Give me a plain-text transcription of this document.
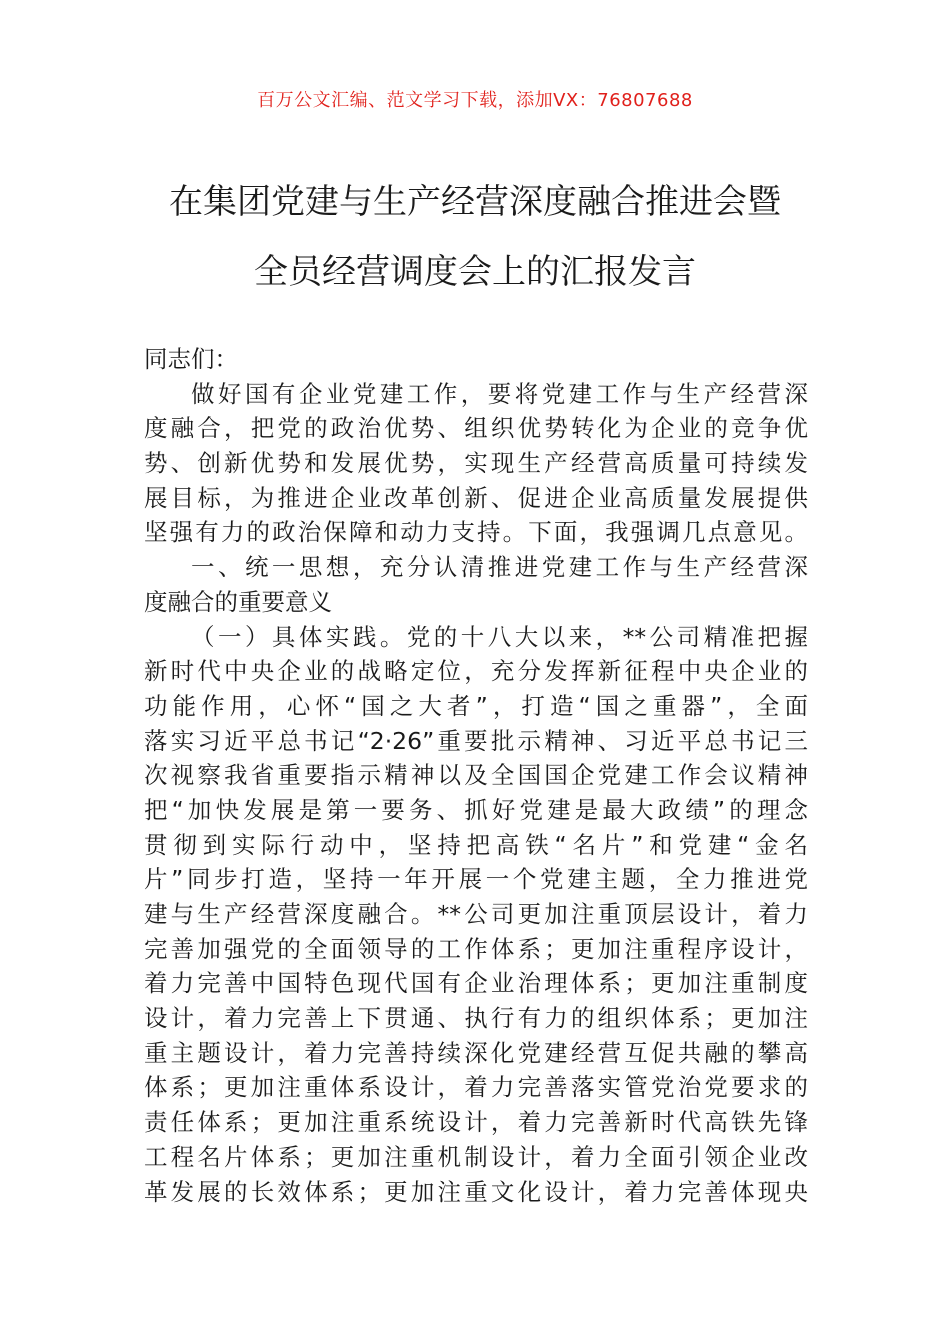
百万公文汇编、范文学习下载，添加VX：76807688
在集团党建与生产经营深度融合推进会暨
全员经营调度会上的汇报发言
同志们：
做好国有企业党建工作，要将党建工作与生产经营深
度融合，把党的政治优势、组织优势转化为企业的竞争优
势、创新优势和发展优势，实现生产经营高质量可持续发
展目标，为推进企业改革创新、促进企业高质量发展提供
坚强有力的政治保障和动力支持。下面，我强调几点意见。
一、统一思想，充分认清推进党建工作与生产经营深
度融合的重要意义
（一）具体实践。党的十八大以来，**公司精准把握
新时代中央企业的战略定位，充分发挥新征程中央企业的
功能作用，心怀“国之大者”，打造“国之重器”，全面
落实习近平总书记“2·26”重要批示精神、习近平总书记三
次视察我省重要指示精神以及全国国企党建工作会议精神
把“加快发展是第一要务、抓好党建是最大政绩”的理念
贯彻到实际行动中，坚持把高铁“名片”和党建“金名
片”同步打造，坚持一年开展一个党建主题，全力推进党
建与生产经营深度融合。**公司更加注重顶层设计，着力
完善加强党的全面领导的工作体系；更加注重程序设计，
着力完善中国特色现代国有企业治理体系；更加注重制度
设计，着力完善上下贯通、执行有力的组织体系；更加注
重主题设计，着力完善持续深化党建经营互促共融的攀高
体系；更加注重体系设计，着力完善落实管党治党要求的
责任体系；更加注重系统设计，着力完善新时代高铁先锋
工程名片体系；更加注重机制设计，着力全面引领企业改
革发展的长效体系；更加注重文化设计，着力完善体现央
